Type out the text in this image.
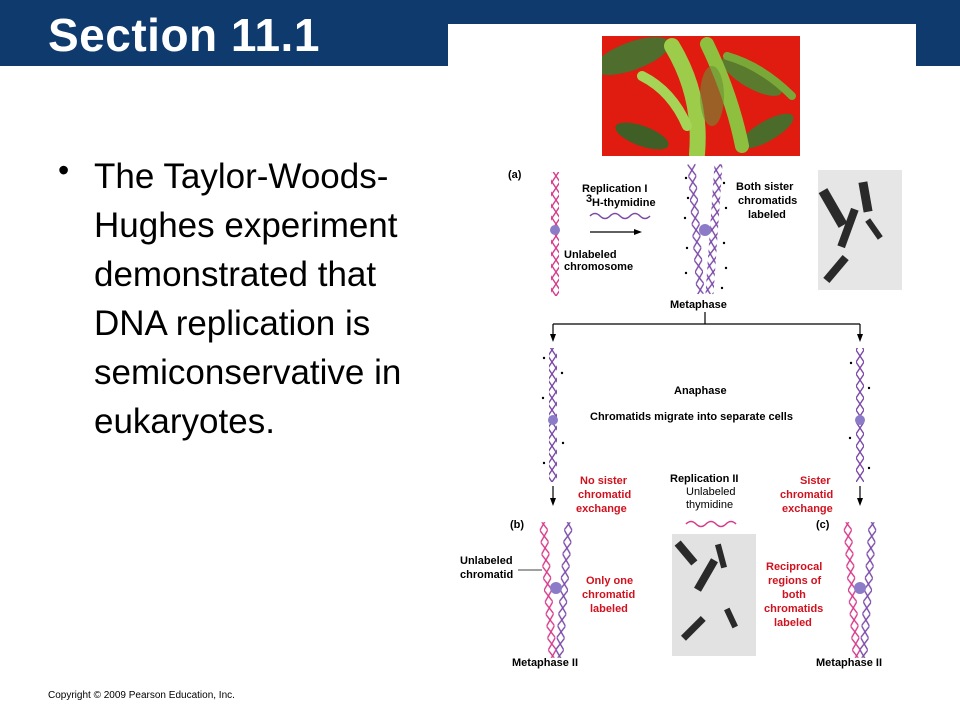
Section 11.1
• The Taylor-Woods-Hughes experiment demonstrated that DNA replication is semiconservative in eukaryotes.
(a)
Replication I
3 H-thymidine
Unlabeled
chromosome
Both sister
chromatids
labeled
Metaphase
Anaphase
Chromatids migrate into separate cells
No sister
chromatid
exchange
Replication II
Unlabeled
thymidine
Sister
chromatid
exchange
(b)
Unlabeled
chromatid	Only one
chromatid
labeled
Metaphase II
(c)
Reciprocal
regions of
both
chromatids
labeled
Metaphase II
Copyright © 2009 Pearson Education, Inc.
